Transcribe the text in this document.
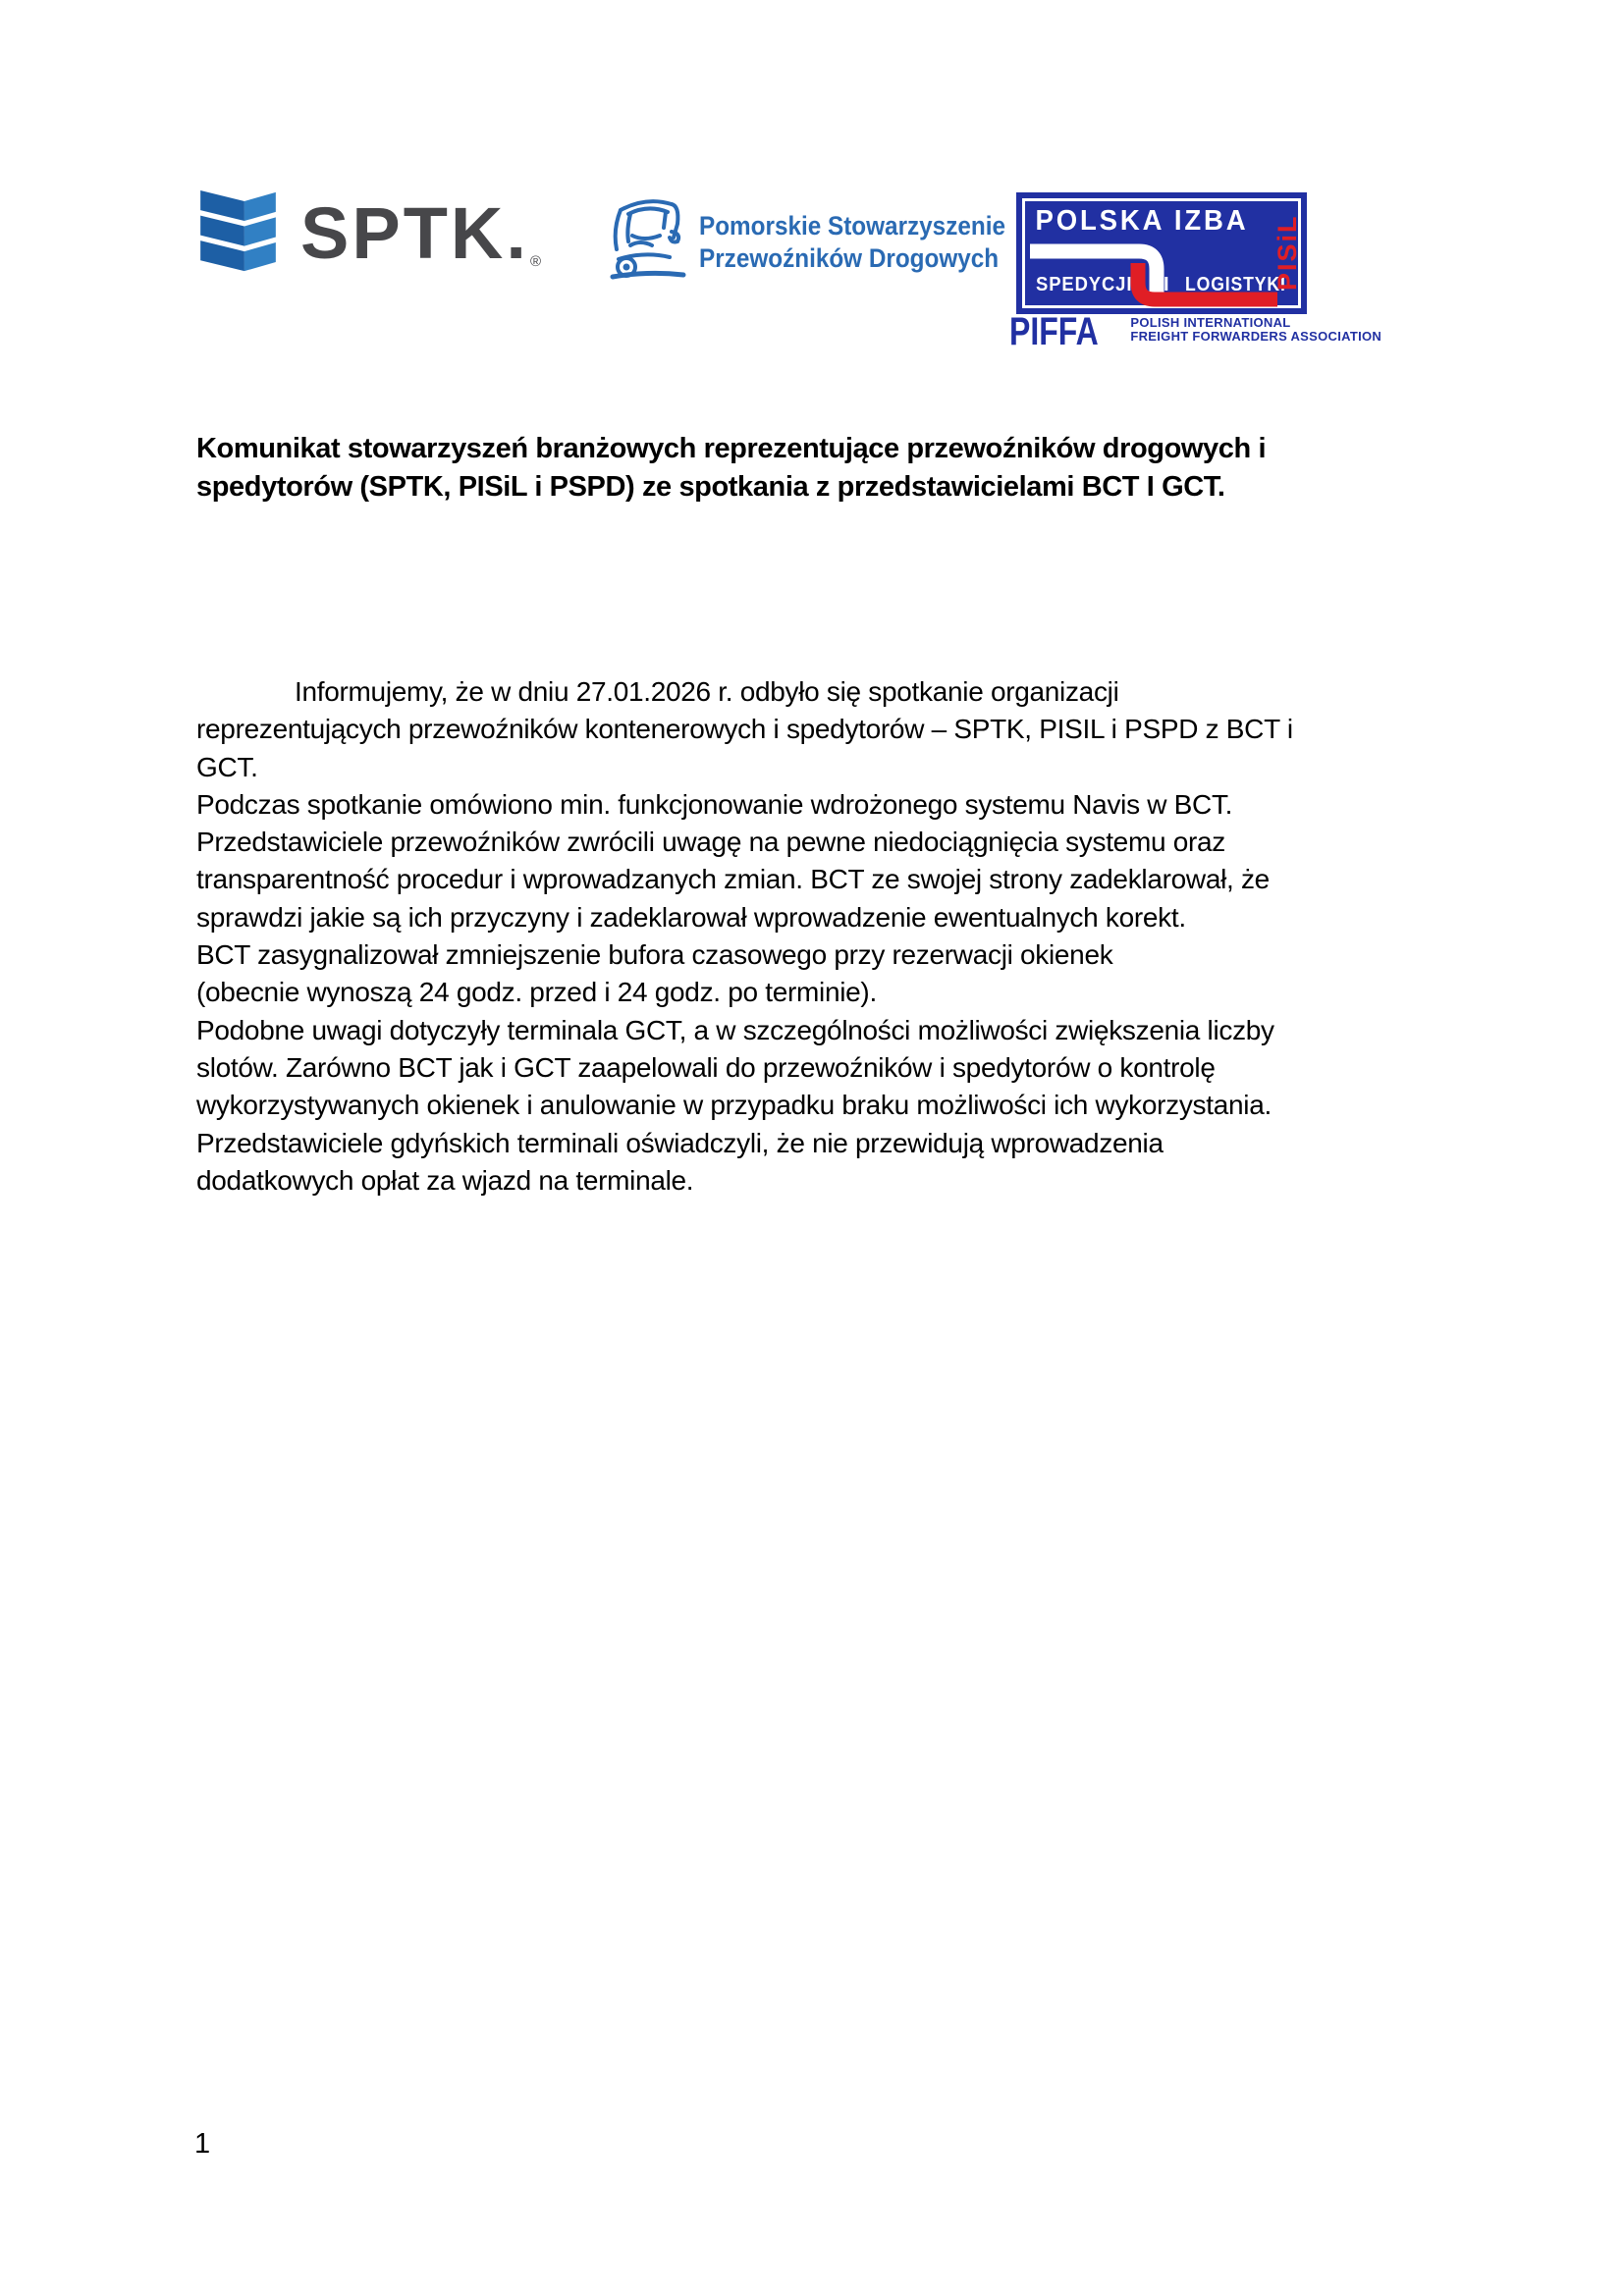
SPTK. ®
Pomorskie Stowarzyszenie
Przewoźników Drogowych
POLSKA IZBA
SPEDYCJI I LOGISTYKI
PISiL
PIFFA	POLISH INTERNATIONAL
FREIGHT FORWARDERS ASSOCIATION
Komunikat stowarzyszeń branżowych reprezentujące przewoźników drogowych i
spedytorów (SPTK, PISiL i PSPD) ze spotkania z przedstawicielami BCT I GCT.
Informujemy, że w dniu 27.01.2026 r. odbyło się spotkanie organizacji
reprezentujących przewoźników kontenerowych i spedytorów – SPTK, PISIL i PSPD z BCT i
GCT.
Podczas spotkanie omówiono min. funkcjonowanie wdrożonego systemu Navis w BCT.
Przedstawiciele przewoźników zwrócili uwagę na pewne niedociągnięcia systemu oraz
transparentność procedur i wprowadzanych zmian. BCT ze swojej strony zadeklarował, że
sprawdzi jakie są ich przyczyny i zadeklarował wprowadzenie ewentualnych korekt.
BCT zasygnalizował zmniejszenie bufora czasowego przy rezerwacji okienek
(obecnie wynoszą 24 godz. przed i 24 godz. po terminie).
Podobne uwagi dotyczyły terminala GCT, a w szczególności możliwości zwiększenia liczby
slotów. Zarówno BCT jak i GCT zaapelowali do przewoźników i spedytorów o kontrolę
wykorzystywanych okienek i anulowanie w przypadku braku możliwości ich wykorzystania.
Przedstawiciele gdyńskich terminali oświadczyli, że nie przewidują wprowadzenia
dodatkowych opłat za wjazd na terminale.
1
